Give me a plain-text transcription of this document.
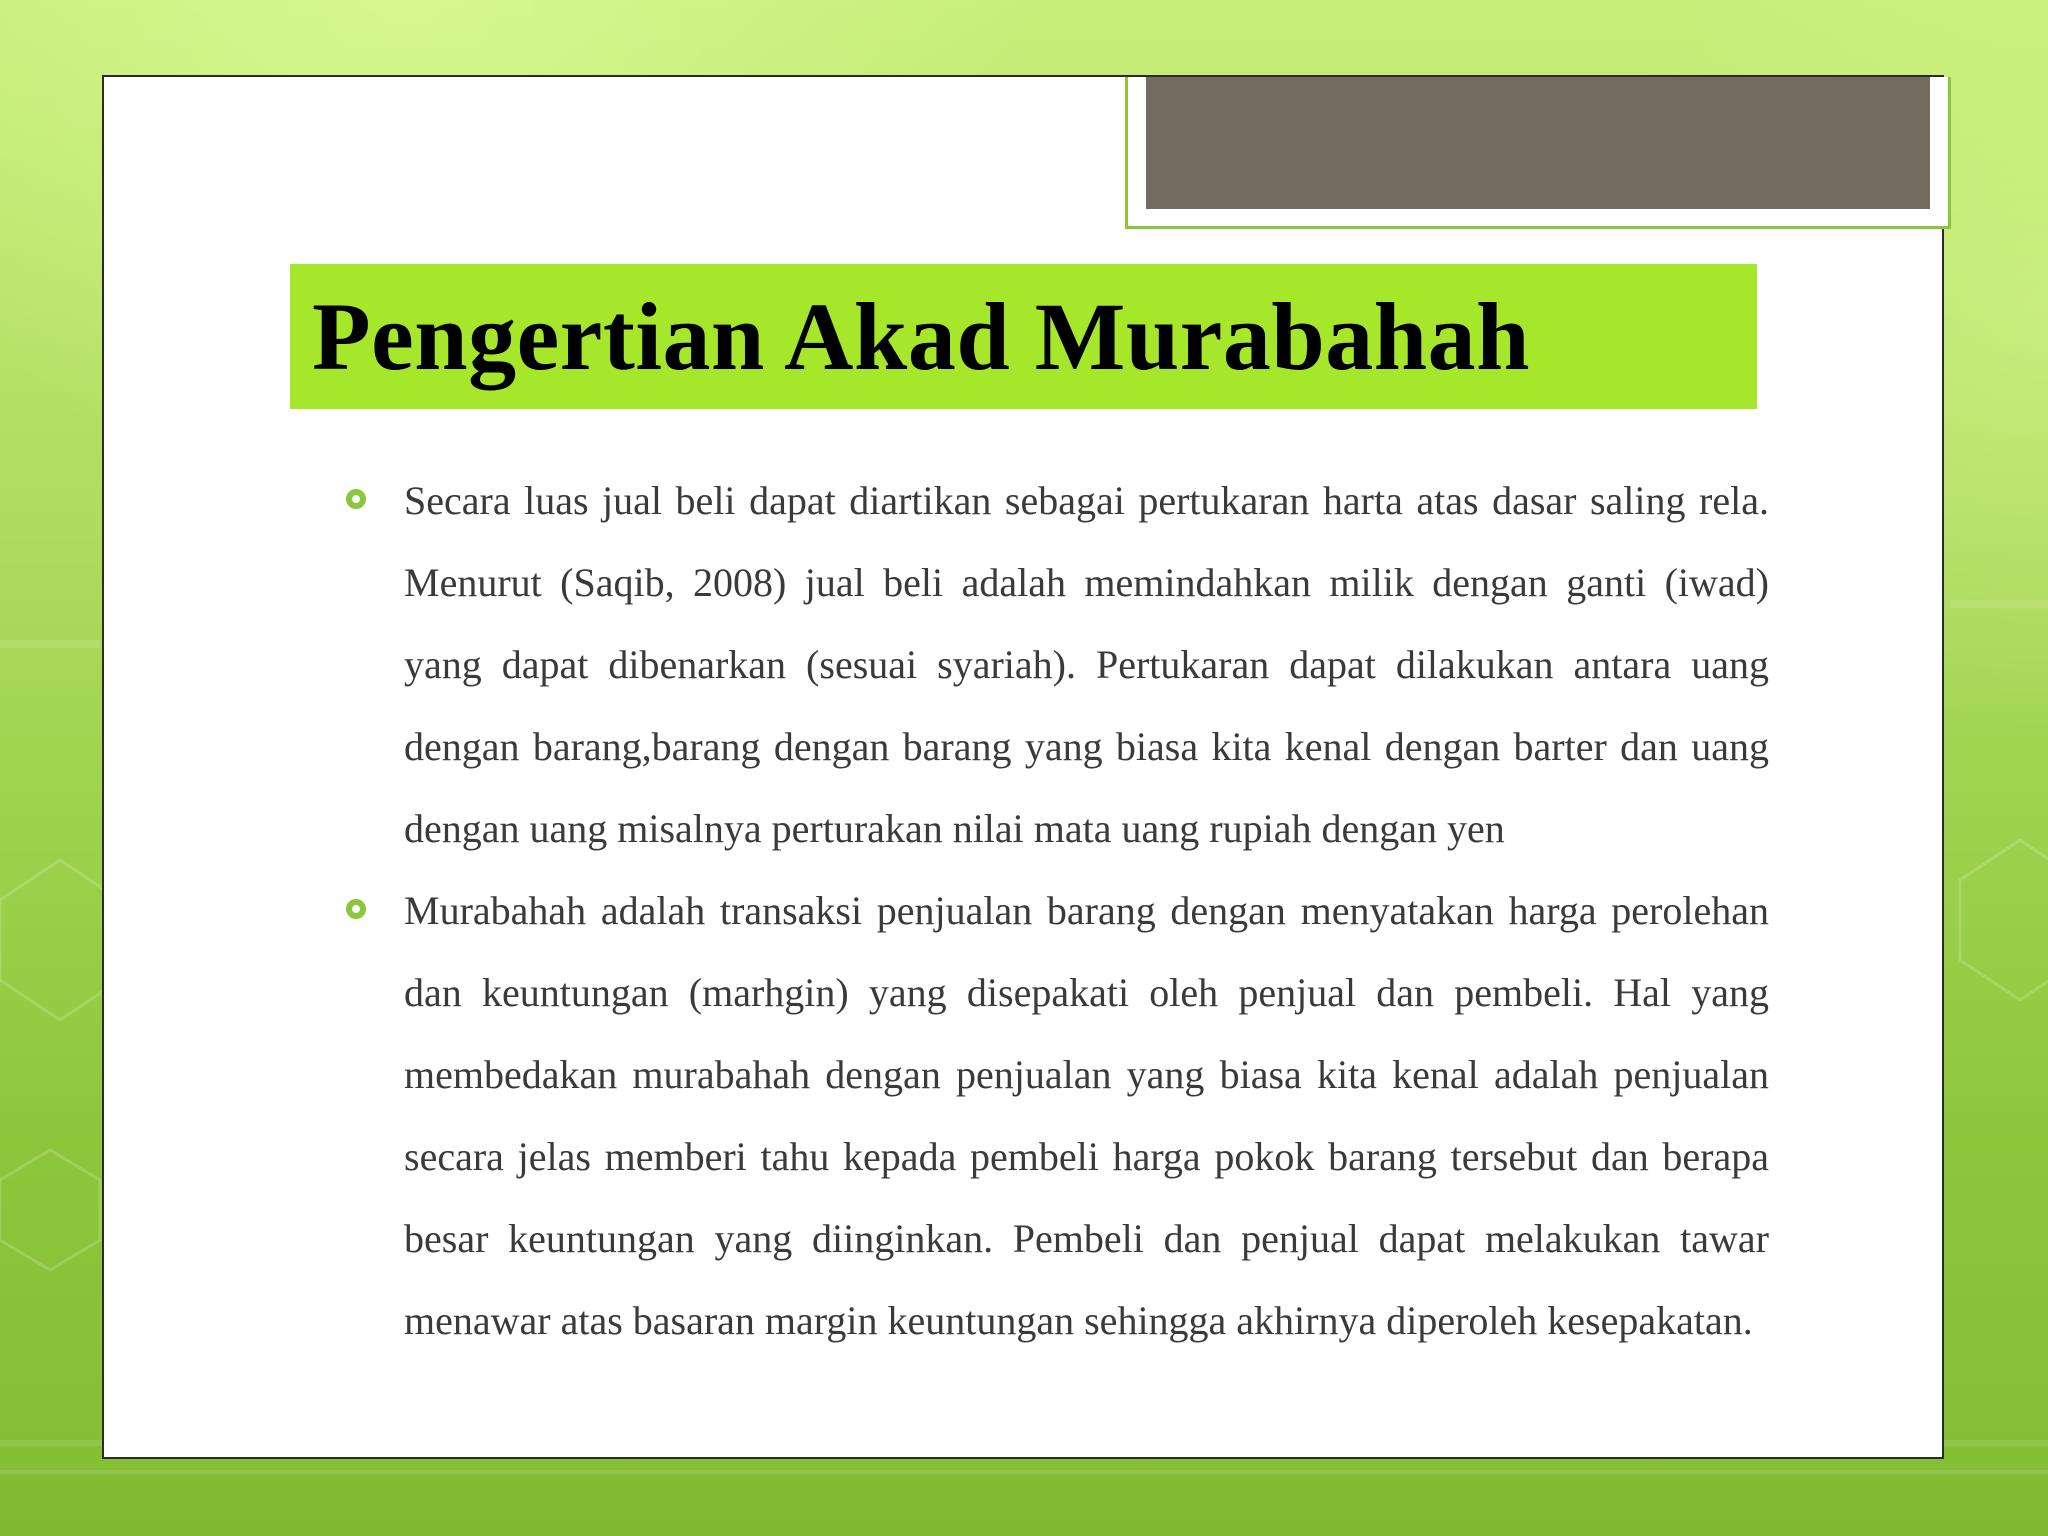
Pengertian Akad Murabahah
Secara luas jual beli dapat diartikan sebagai pertukaran harta atas dasar saling rela. Menurut (Saqib, 2008) jual beli adalah memindahkan milik dengan ganti (iwad) yang dapat dibenarkan (sesuai syariah). Pertukaran dapat dilakukan antara uang dengan barang,barang dengan barang yang biasa kita kenal dengan barter dan uang dengan uang misalnya perturakan nilai mata uang rupiah dengan yen
Murabahah adalah transaksi penjualan barang dengan menyatakan harga perolehan dan keuntungan (marhgin) yang disepakati oleh penjual dan pembeli. Hal yang membedakan murabahah dengan penjualan yang biasa kita kenal adalah penjualan secara jelas memberi tahu kepada pembeli harga pokok barang tersebut dan berapa besar keuntungan yang diinginkan. Pembeli dan penjual dapat melakukan tawar menawar atas basaran margin keuntungan sehingga akhirnya diperoleh kesepakatan.
